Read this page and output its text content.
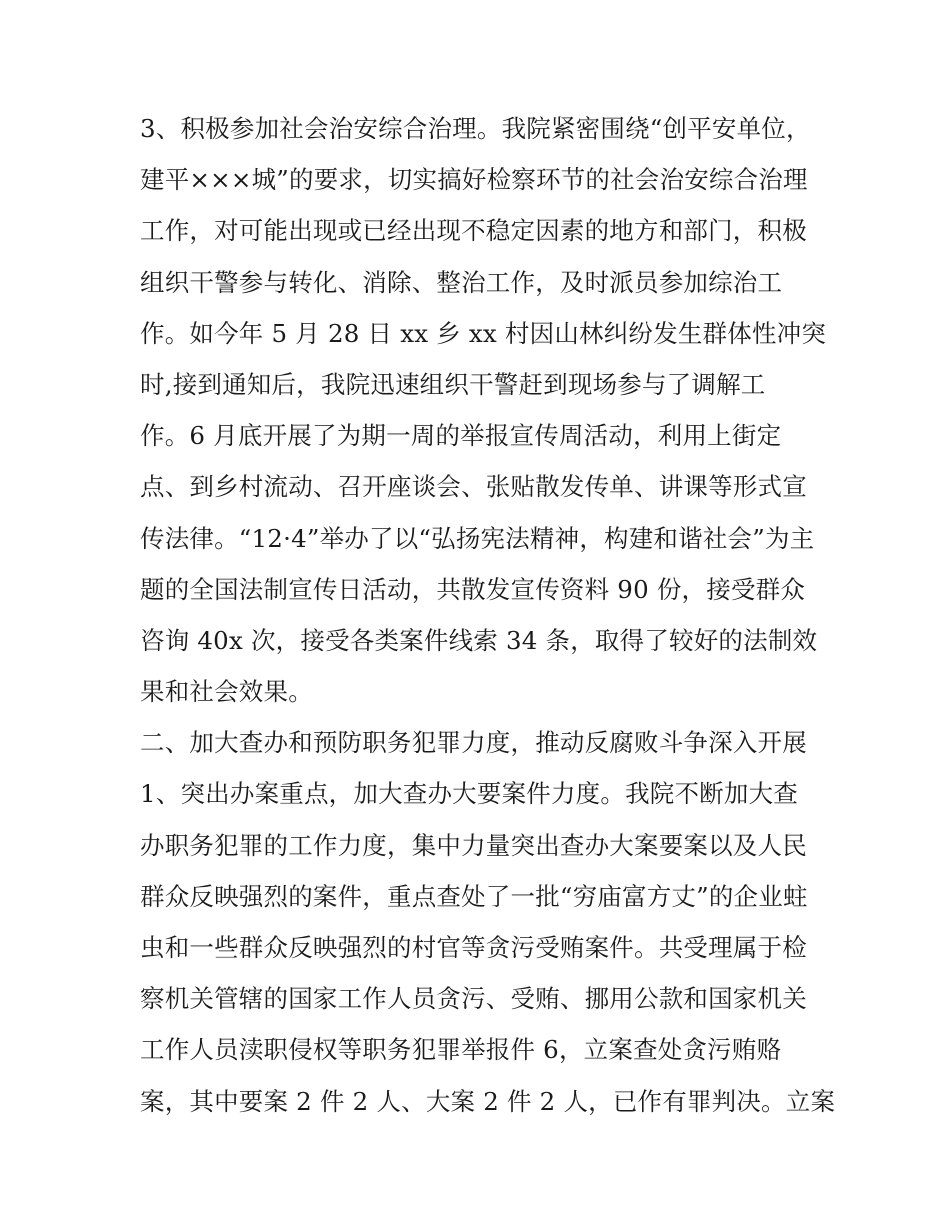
3、积极参加社会治安综合治理。我院紧密围绕“创平安单位，
建平×××城”的要求，切实搞好检察环节的社会治安综合治理
工作，对可能出现或已经出现不稳定因素的地方和部门，积极
组织干警参与转化、消除、整治工作，及时派员参加综治工
作。如今年 5 月 28 日 xx 乡 xx 村因山林纠纷发生群体性冲突
时,接到通知后，我院迅速组织干警赶到现场参与了调解工
作。6 月底开展了为期一周的举报宣传周活动，利用上街定
点、到乡村流动、召开座谈会、张贴散发传单、讲课等形式宣
传法律。“12·4”举办了以“弘扬宪法精神，构建和谐社会”为主
题的全国法制宣传日活动，共散发宣传资料 90 份，接受群众
咨询 40x 次，接受各类案件线索 34 条，取得了较好的法制效
果和社会效果。
二、加大查办和预防职务犯罪力度，推动反腐败斗争深入开展
1、突出办案重点，加大查办大要案件力度。我院不断加大查
办职务犯罪的工作力度，集中力量突出查办大案要案以及人民
群众反映强烈的案件，重点查处了一批“穷庙富方丈”的企业蛀
虫和一些群众反映强烈的村官等贪污受贿案件。共受理属于检
察机关管辖的国家工作人员贪污、受贿、挪用公款和国家机关
工作人员渎职侵权等职务犯罪举报件 6，立案查处贪污贿赂
案，其中要案 2 件 2 人、大案 2 件 2 人，已作有罪判决。立案
